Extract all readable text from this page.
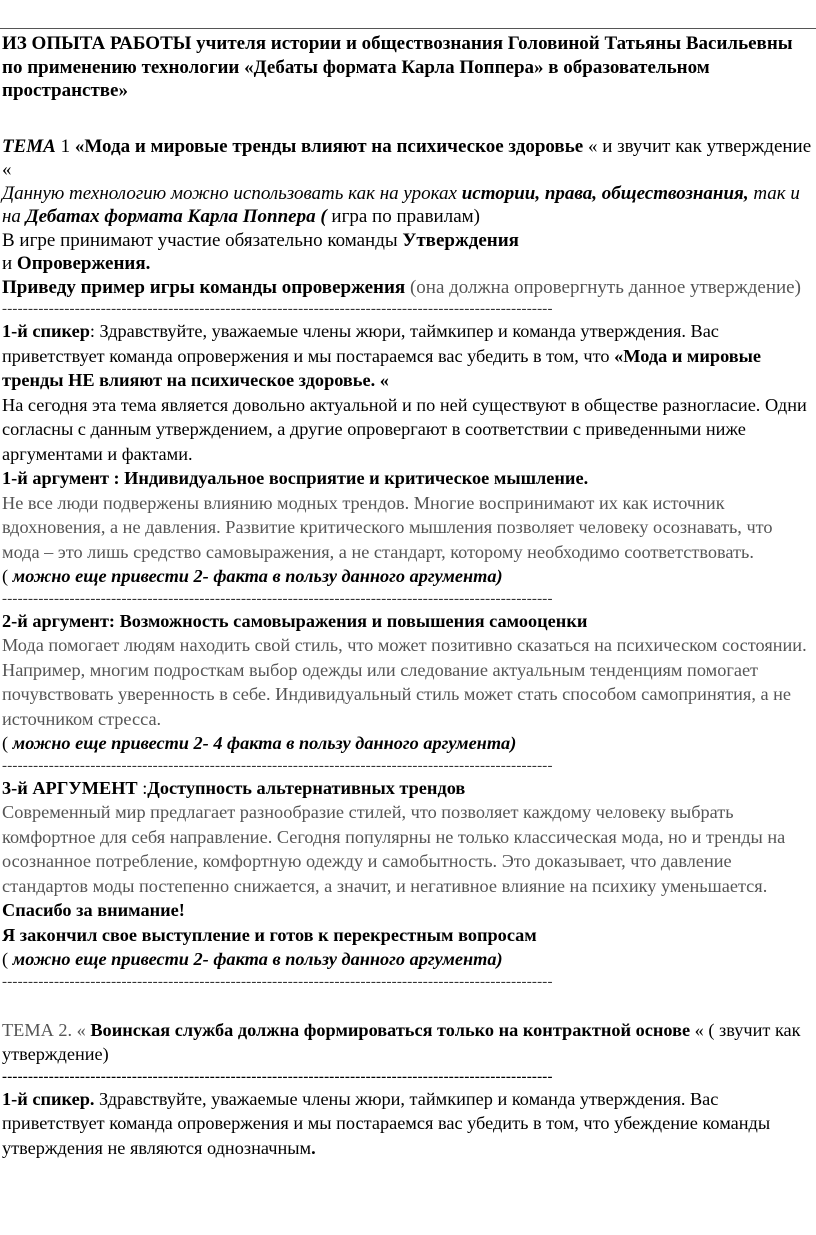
ИЗ ОПЫТА РАБОТЫ учителя истории и обществознания Головиной Татьяны Васильевны по применению технологии «Дебаты формата Карла Поппера» в образовательном пространстве»

ТЕМА 1 «Мода и мировые тренды влияют на психическое здоровье « и звучит как утверждение «

Данную технологию можно использовать как на уроках истории, права, обществознания, так и на Дебатах формата Карла Поппера ( игра по правилам)

В игре принимают участие обязательно команды Утверждения

и Опровержения.

Приведу пример игры команды опровержения (она должна опровергнуть данное утверждение)

----------------------------------------------------------------------------------------------------------

1-й спикер: Здравствуйте, уважаемые члены жюри, таймкипер и команда утверждения. Вас приветствует команда опровержения и мы постараемся вас убедить в том, что «Мода и мировые тренды НЕ влияют на психическое здоровье. «

На сегодня эта тема является довольно актуальной и по ней существуют в обществе разногласие. Одни согласны с данным утверждением, а другие опровергают в соответствии с приведенными ниже аргументами и фактами.

1-й аргумент : Индивидуальное восприятие и критическое мышление.

Не все люди подвержены влиянию модных трендов. Многие воспринимают их как источник вдохновения, а не давления. Развитие критического мышления позволяет человеку осознавать, что мода – это лишь средство самовыражения, а не стандарт, которому необходимо соответствовать.

( можно еще привести 2- факта в пользу данного аргумента)

----------------------------------------------------------------------------------------------------------

2-й аргумент: Возможность самовыражения и повышения самооценки

Мода помогает людям находить свой стиль, что может позитивно сказаться на психическом состоянии. Например, многим подросткам выбор одежды или следование актуальным тенденциям помогает почувствовать уверенность в себе. Индивидуальный стиль может стать способом самопринятия, а не источником стресса.

( можно еще привести 2- 4 факта в пользу данного аргумента)

----------------------------------------------------------------------------------------------------------

3-й АРГУМЕНТ :Доступность альтернативных трендов

Современный мир предлагает разнообразие стилей, что позволяет каждому человеку выбрать комфортное для себя направление. Сегодня популярны не только классическая мода, но и тренды на осознанное потребление, комфортную одежду и самобытность. Это доказывает, что давление стандартов моды постепенно снижается, а значит, и негативное влияние на психику уменьшается.

Спасибо за внимание!

Я закончил свое выступление и готов к перекрестным вопросам

( можно еще привести 2- факта в пользу данного аргумента)

----------------------------------------------------------------------------------------------------------

ТЕМА 2. « Воинская служба должна формироваться только на контрактной основе « ( звучит как утверждение)

----------------------------------------------------------------------------------------------------------

1-й спикер. Здравствуйте, уважаемые члены жюри, таймкипер и команда утверждения. Вас приветствует команда опровержения и мы постараемся вас убедить в том, что убеждение команды утверждения не являются однозначным.
